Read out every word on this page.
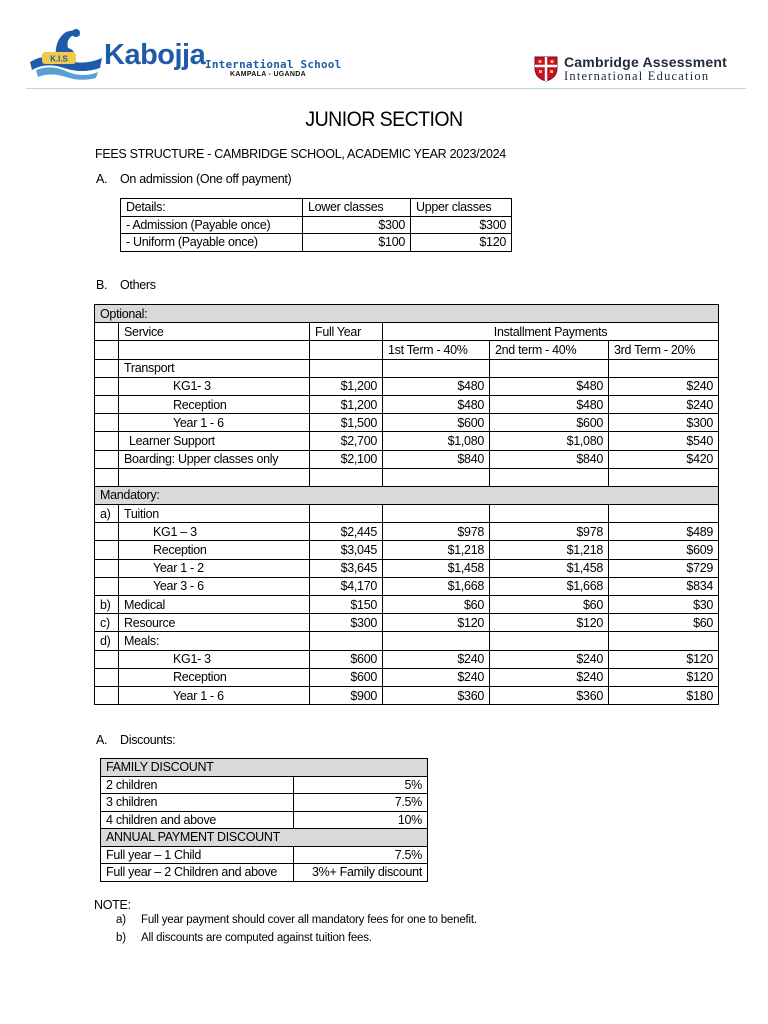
K.I.S Kabojja International School
KAMPALA - UGANDA
Cambridge Assessment
International Education
JUNIOR SECTION
FEES STRUCTURE - CAMBRIDGE SCHOOL, ACADEMIC YEAR 2023/2024
A. On admission (One off payment)
Details:	Lower classes	Upper classes
- Admission (Payable once)	$300	$300
- Uniform (Payable once)	$100	$120
B. Others
Optional:					
	Service	Full Year	Installment Payments		
			1st Term - 40%	2nd term - 40%	3rd Term - 20%
	Transport				
	KG1- 3	$1,200	$480	$480	$240
	Reception	$1,200	$480	$480	$240
	Year 1 - 6	$1,500	$600	$600	$300
	Learner Support	$2,700	$1,080	$1,080	$540
	Boarding: Upper classes only	$2,100	$840	$840	$420

Mandatory:					
a)	Tuition				
	KG1 – 3	$2,445	$978	$978	$489
	Reception	$3,045	$1,218	$1,218	$609
	Year 1 - 2	$3,645	$1,458	$1,458	$729
	Year 3 - 6	$4,170	$1,668	$1,668	$834
b)	Medical	$150	$60	$60	$30
c)	Resource	$300	$120	$120	$60
d)	Meals:				
	KG1- 3	$600	$240	$240	$120
	Reception	$600	$240	$240	$120
	Year 1 - 6	$900	$360	$360	$180
A. Discounts:
FAMILY DISCOUNT	
2 children	5%
3 children	7.5%
4 children and above	10%
ANNUAL PAYMENT DISCOUNT	
Full year – 1 Child	7.5%
Full year – 2 Children and above	3%+ Family discount
NOTE:
a) Full year payment should cover all mandatory fees for one to benefit.
b) All discounts are computed against tuition fees.
